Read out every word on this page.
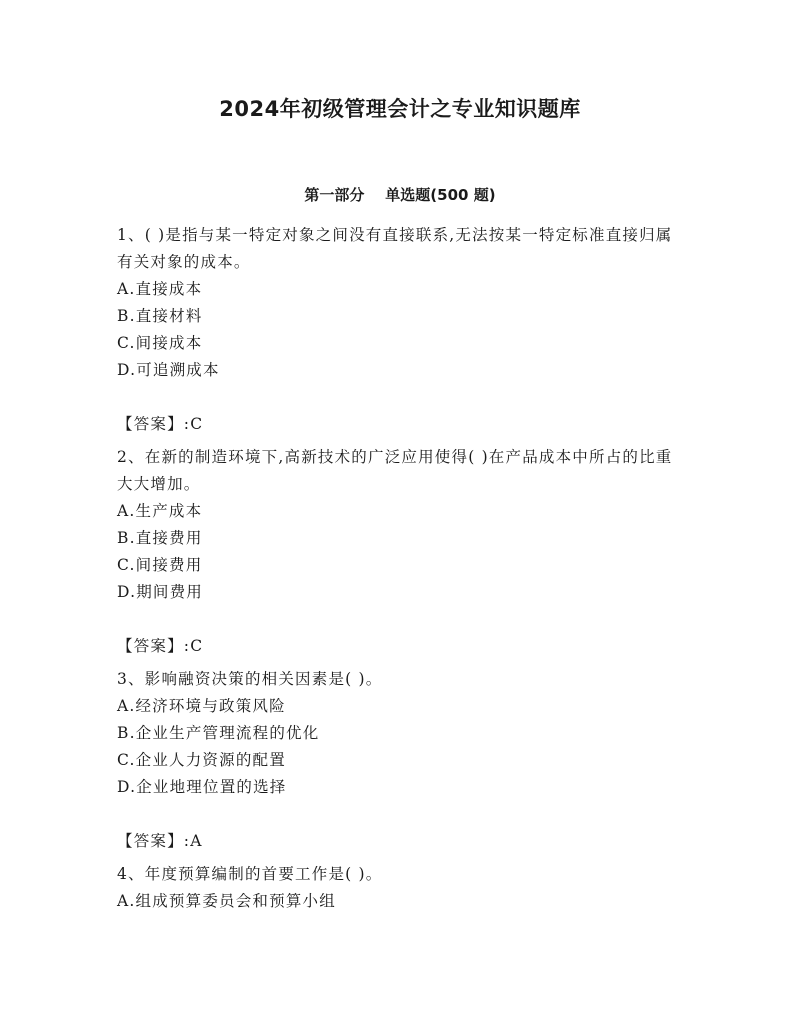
2024年初级管理会计之专业知识题库
第一部分    单选题(500 题)

1、( )是指与某一特定对象之间没有直接联系,无法按某一特定标准直接归属有关对象的成本。

A.直接成本

B.直接材料

C.间接成本

D.可追溯成本

【答案】:C

2、在新的制造环境下,高新技术的广泛应用使得( )在产品成本中所占的比重大大增加。

A.生产成本

B.直接费用

C.间接费用

D.期间费用

【答案】:C

3、影响融资决策的相关因素是( )。

A.经济环境与政策风险

B.企业生产管理流程的优化

C.企业人力资源的配置

D.企业地理位置的选择

【答案】:A

4、年度预算编制的首要工作是( )。

A.组成预算委员会和预算小组
